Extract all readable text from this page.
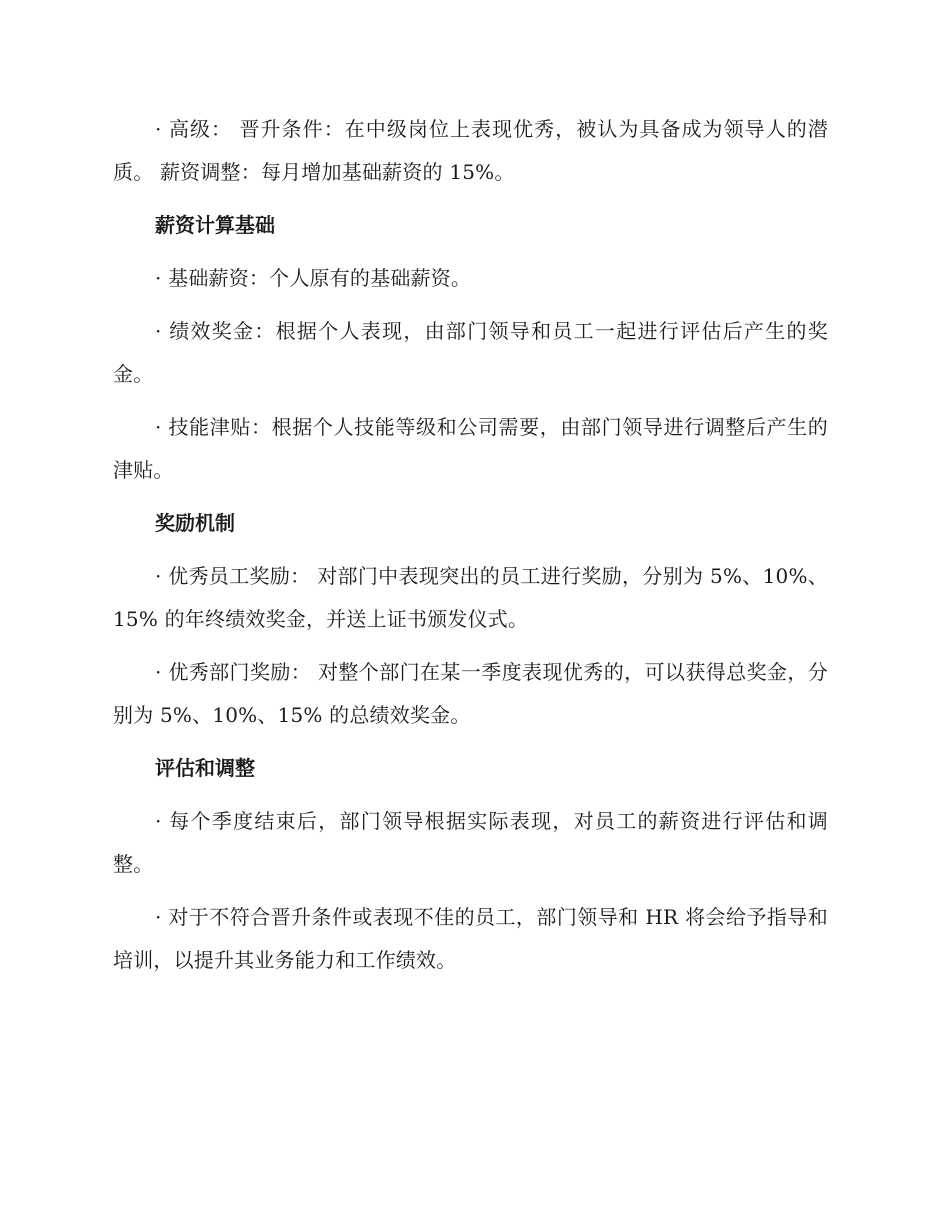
· 高级： 晋升条件：在中级岗位上表现优秀，被认为具备成为领导人的潜质。 薪资调整：每月增加基础薪资的 15%。

薪资计算基础

· 基础薪资：个人原有的基础薪资。

· 绩效奖金：根据个人表现，由部门领导和员工一起进行评估后产生的奖金。

· 技能津贴：根据个人技能等级和公司需要，由部门领导进行调整后产生的津贴。

奖励机制

· 优秀员工奖励： 对部门中表现突出的员工进行奖励，分别为 5%、10%、15% 的年终绩效奖金，并送上证书颁发仪式。

· 优秀部门奖励： 对整个部门在某一季度表现优秀的，可以获得总奖金，分别为 5%、10%、15% 的总绩效奖金。

评估和调整

· 每个季度结束后，部门领导根据实际表现，对员工的薪资进行评估和调整。

· 对于不符合晋升条件或表现不佳的员工，部门领导和 HR 将会给予指导和培训，以提升其业务能力和工作绩效。
